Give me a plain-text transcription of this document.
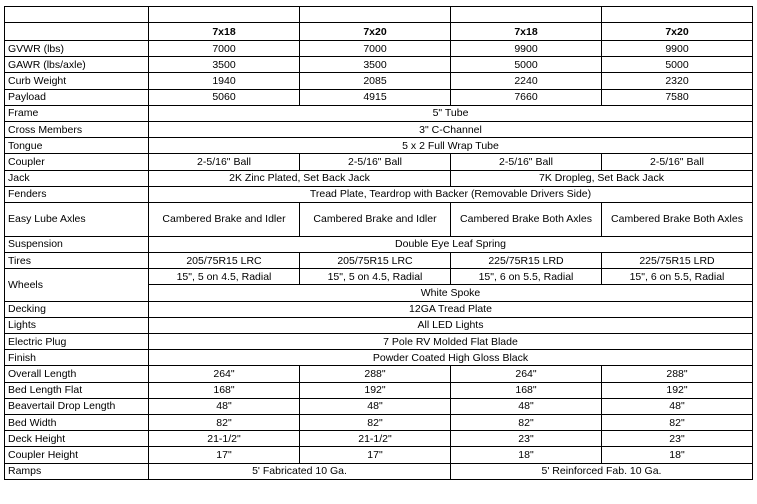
	7x18	7x20	7x18	7x20
GVWR (lbs)	7000	7000	9900	9900
GAWR (lbs/axle)	3500	3500	5000	5000
Curb Weight	1940	2085	2240	2320
Payload	5060	4915	7660	7580
Frame	5" Tube			
Cross Members	3" C-Channel			
Tongue	5 x 2 Full Wrap Tube			
Coupler	2-5/16" Ball	2-5/16" Ball	2-5/16" Ball	2-5/16" Ball
Jack	2K Zinc Plated, Set Back Jack		7K Dropleg, Set Back Jack	
Fenders	Tread Plate, Teardrop with Backer (Removable Drivers Side)			
Easy Lube Axles	Cambered Brake and Idler	Cambered Brake and Idler	Cambered Brake Both Axles	Cambered Brake Both Axles
Suspension	Double Eye Leaf Spring			
Tires	205/75R15 LRC	205/75R15 LRC	225/75R15 LRD	225/75R15 LRD
Wheels	15", 5 on 4.5, Radial	15", 5 on 4.5, Radial	15", 6 on 5.5, Radial	15", 6 on 5.5, Radial
	White Spoke			
Decking	12GA Tread Plate			
Lights	All LED Lights			
Electric Plug	7 Pole RV Molded Flat Blade			
Finish	Powder Coated High Gloss Black			
Overall Length	264"	288"	264"	288"
Bed Length Flat	168"	192"	168"	192"
Beavertail Drop Length	48"	48"	48"	48"
Bed Width	82"	82"	82"	82"
Deck Height	21-1/2"	21-1/2"	23"	23"
Coupler Height	17"	17"	18"	18"
Ramps	5' Fabricated 10 Ga.		5' Reinforced Fab. 10 Ga.	
